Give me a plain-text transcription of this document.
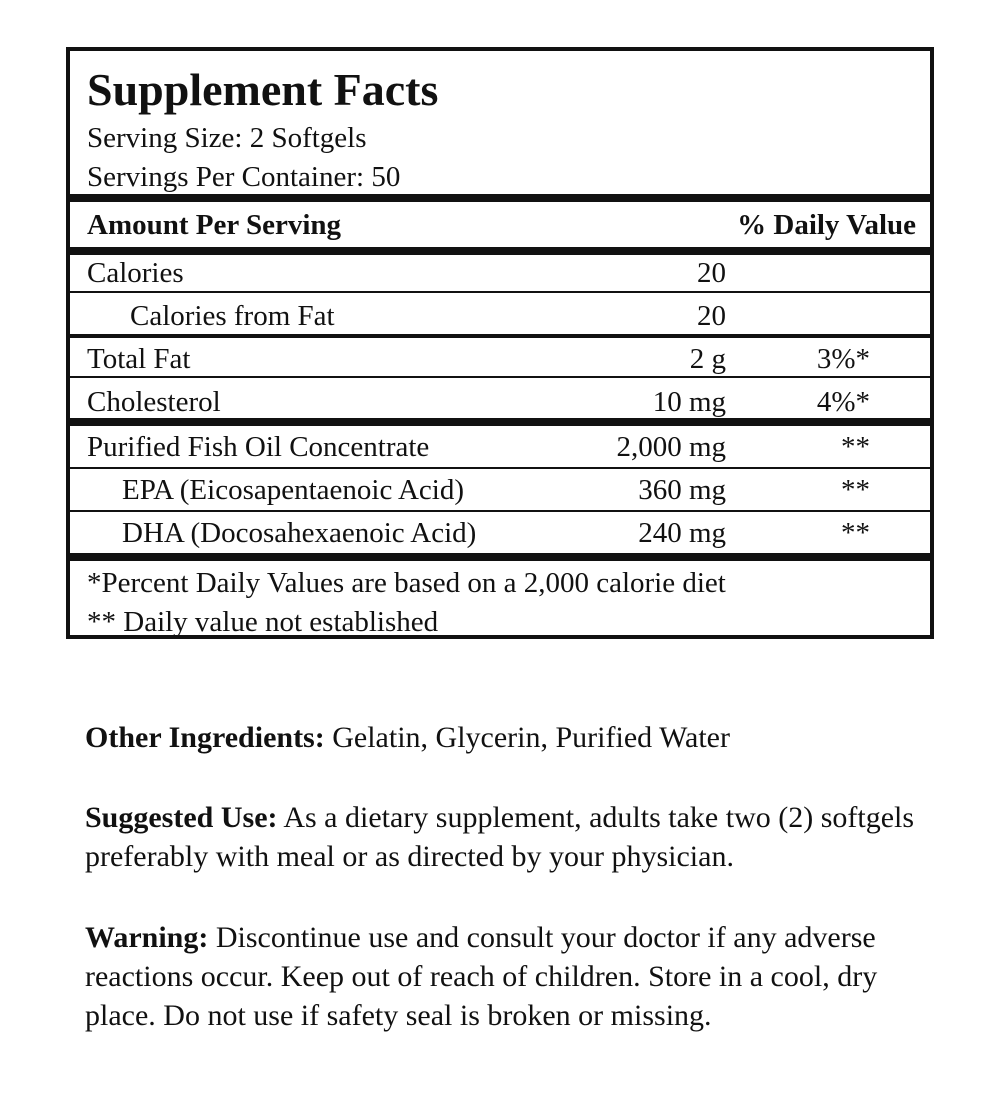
Supplement Facts
Serving Size: 2 Softgels
Servings Per Container: 50
Amount Per Serving	% Daily Value
Calories	20
Calories from Fat	20
Total Fat	2 g	3%*
Cholesterol	10 mg	4%*
Purified Fish Oil Concentrate	2,000 mg	**
EPA (Eicosapentaenoic Acid)	360 mg	**
DHA (Docosahexaenoic Acid)	240 mg	**
*Percent Daily Values are based on a 2,000 calorie diet
** Daily value not established

Other Ingredients: Gelatin, Glycerin, Purified Water

Suggested Use: As a dietary supplement, adults take two (2) softgels preferably with meal or as directed by your physician.

Warning: Discontinue use and consult your doctor if any adverse reactions occur. Keep out of reach of children. Store in a cool, dry place. Do not use if safety seal is broken or missing.
